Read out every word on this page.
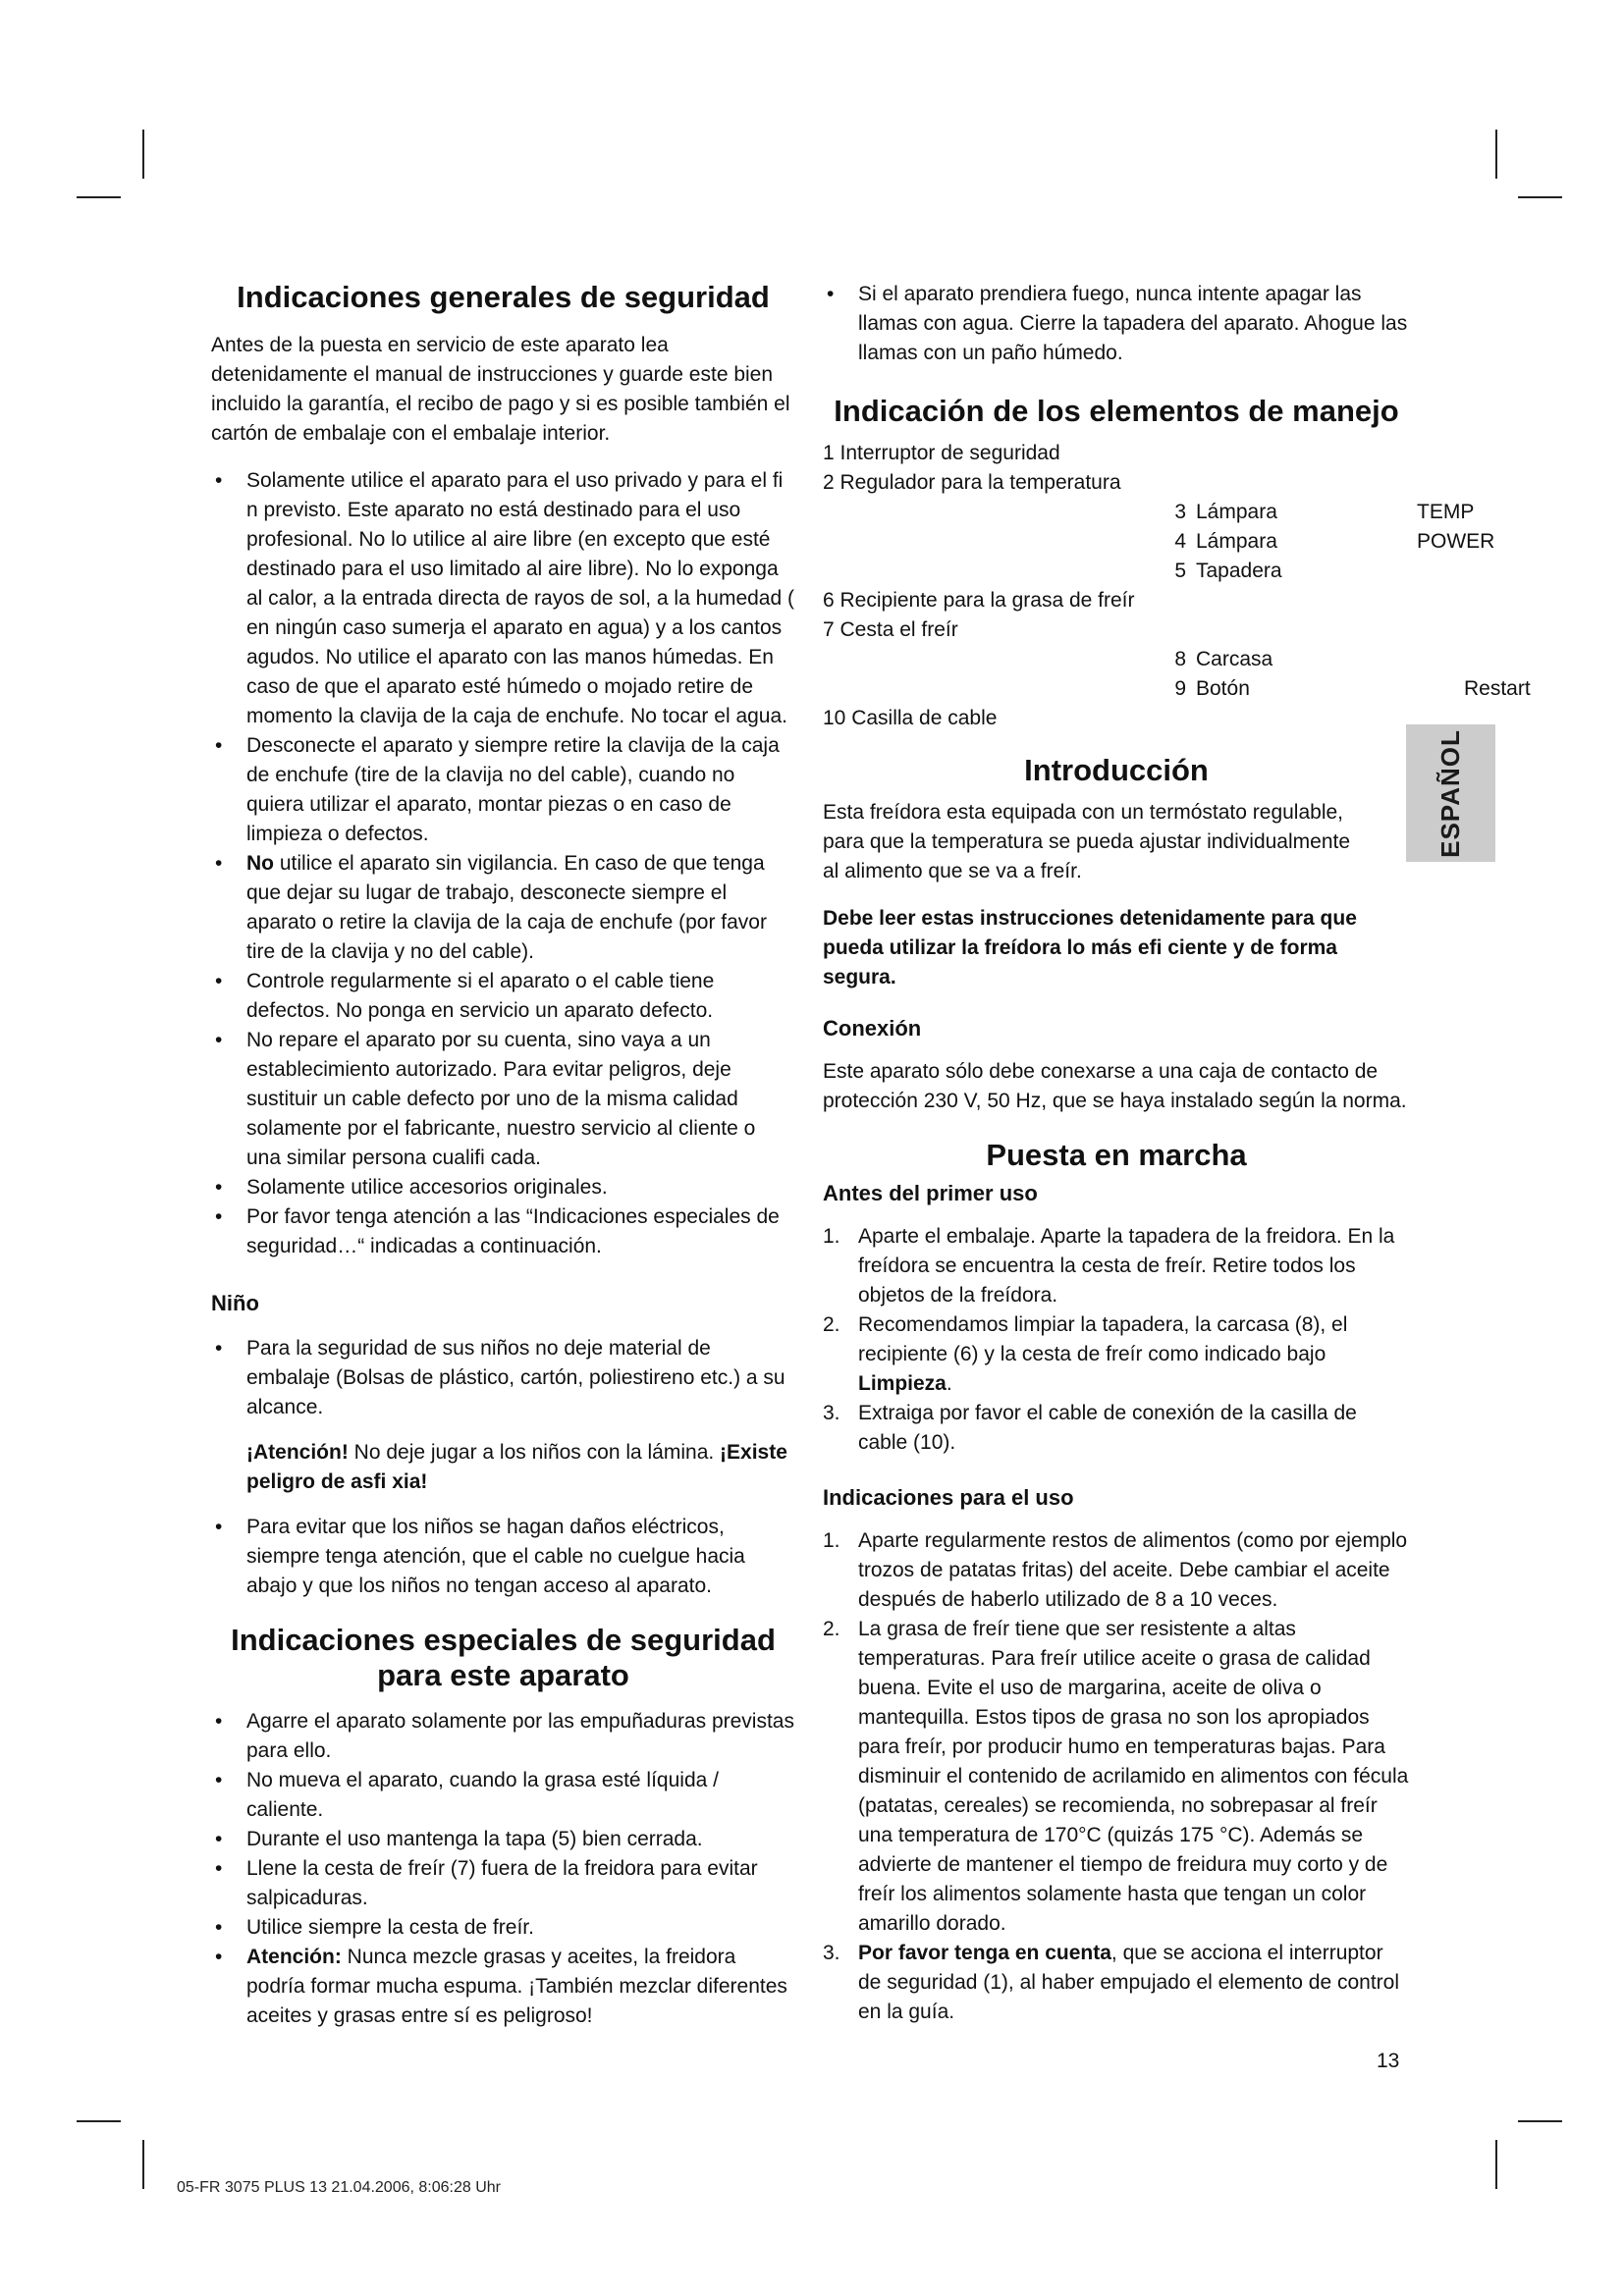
Indicaciones generales de seguridad

Antes de la puesta en servicio de este aparato lea detenidamente el manual de instrucciones y guarde este bien incluido la garantía, el recibo de pago y si es posible también el cartón de embalaje con el embalaje interior.

• Solamente utilice el aparato para el uso privado y para el fi n previsto. Este aparato no está destinado para el uso profesional. No lo utilice al aire libre (en excepto que esté destinado para el uso limitado al aire libre). No lo exponga al calor, a la entrada directa de rayos de sol, a la humedad ( en ningún caso sumerja el aparato en agua) y a los cantos agudos. No utilice el aparato con las manos húmedas. En caso de que el aparato esté húmedo o mojado retire de momento la clavija de la caja de enchufe. No tocar el agua.
• Desconecte el aparato y siempre retire la clavija de la caja de enchufe (tire de la clavija no del cable), cuando no quiera utilizar el aparato, montar piezas o en caso de limpieza o defectos.
• No utilice el aparato sin vigilancia. En caso de que tenga que dejar su lugar de trabajo, desconecte siempre el aparato o retire la clavija de la caja de enchufe (por favor tire de la clavija y no del cable).
• Controle regularmente si el aparato o el cable tiene defectos. No ponga en servicio un aparato defecto.
• No repare el aparato por su cuenta, sino vaya a un establecimiento autorizado. Para evitar peligros, deje sustituir un cable defecto por uno de la misma calidad solamente por el fabricante, nuestro servicio al cliente o una similar persona cualifi cada.
• Solamente utilice accesorios originales.
• Por favor tenga atención a las “Indicaciones especiales de seguridad…“ indicadas a continuación.
Niño
• Para la seguridad de sus niños no deje material de embalaje (Bolsas de plástico, cartón, poliestireno etc.) a su alcance.

¡Atención! No deje jugar a los niños con la lámina. ¡Existe peligro de asfi xia!

• Para evitar que los niños se hagan daños eléctricos, siempre tenga atención, que el cable no cuelgue hacia abajo y que los niños no tengan acceso al aparato.
Indicaciones especiales de seguridad
para este aparato
• Agarre el aparato solamente por las empuñaduras previstas para ello.
• No mueva el aparato, cuando la grasa esté líquida / caliente.
• Durante el uso mantenga la tapa (5) bien cerrada.
• Llene la cesta de freír (7) fuera de la freidora para evitar salpicaduras.
• Utilice siempre la cesta de freír.
• Atención: Nunca mezcle grasas y aceites, la freidora podría formar mucha espuma. ¡También mezclar diferentes aceites y grasas entre sí es peligroso!
• Si el aparato prendiera fuego, nunca intente apagar las llamas con agua. Cierre la tapadera del aparato. Ahogue las llamas con un paño húmedo.
Indicación de los elementos de manejo
1 Interruptor de seguridad
2 Regulador para la temperatura
3 Lámpara	TEMP
4 Lámpara	POWER
5 Tapadera
6 Recipiente para la grasa de freír
7 Cesta el freír
8 Carcasa
9 Botón	Restart
10 Casilla de cable
Introducción

Esta freídora esta equipada con un termóstato regulable, para que la temperatura se pueda ajustar individualmente al alimento que se va a freír.

Debe leer estas instrucciones detenidamente para que pueda utilizar la freídora lo más efi ciente y de forma segura.

Conexión

Este aparato sólo debe conexarse a una caja de contacto de protección 230 V, 50 Hz, que se haya instalado según la norma.

Puesta en marcha
Antes del primer uso
1. Aparte el embalaje. Aparte la tapadera de la freidora. En la freídora se encuentra la cesta de freír. Retire todos los objetos de la freídora.
2. Recomendamos limpiar la tapadera, la carcasa (8), el recipiente (6) y la cesta de freír como indicado bajo Limpieza.
3. Extraiga por favor el cable de conexión de la casilla de cable (10).
Indicaciones para el uso
1. Aparte regularmente restos de alimentos (como por ejemplo trozos de patatas fritas) del aceite. Debe cambiar el aceite después de haberlo utilizado de 8 a 10 veces.
2. La grasa de freír tiene que ser resistente a altas temperaturas. Para freír utilice aceite o grasa de calidad buena. Evite el uso de margarina, aceite de oliva o mantequilla. Estos tipos de grasa no son los apropiados para freír, por producir humo en temperaturas bajas. Para disminuir el contenido de acrilamido en alimentos con fécula (patatas, cereales) se recomienda, no sobrepasar al freír una temperatura de 170°C (quizás 175 °C). Además se advierte de mantener el tiempo de freidura muy corto y de freír los alimentos solamente hasta que tengan un color amarillo dorado.
3. Por favor tenga en cuenta, que se acciona el interruptor de seguridad (1), al haber empujado el elemento de control en la guía.
ESPAÑOL
13
05-FR 3075 PLUS 13 21.04.2006, 8:06:28 Uhr
